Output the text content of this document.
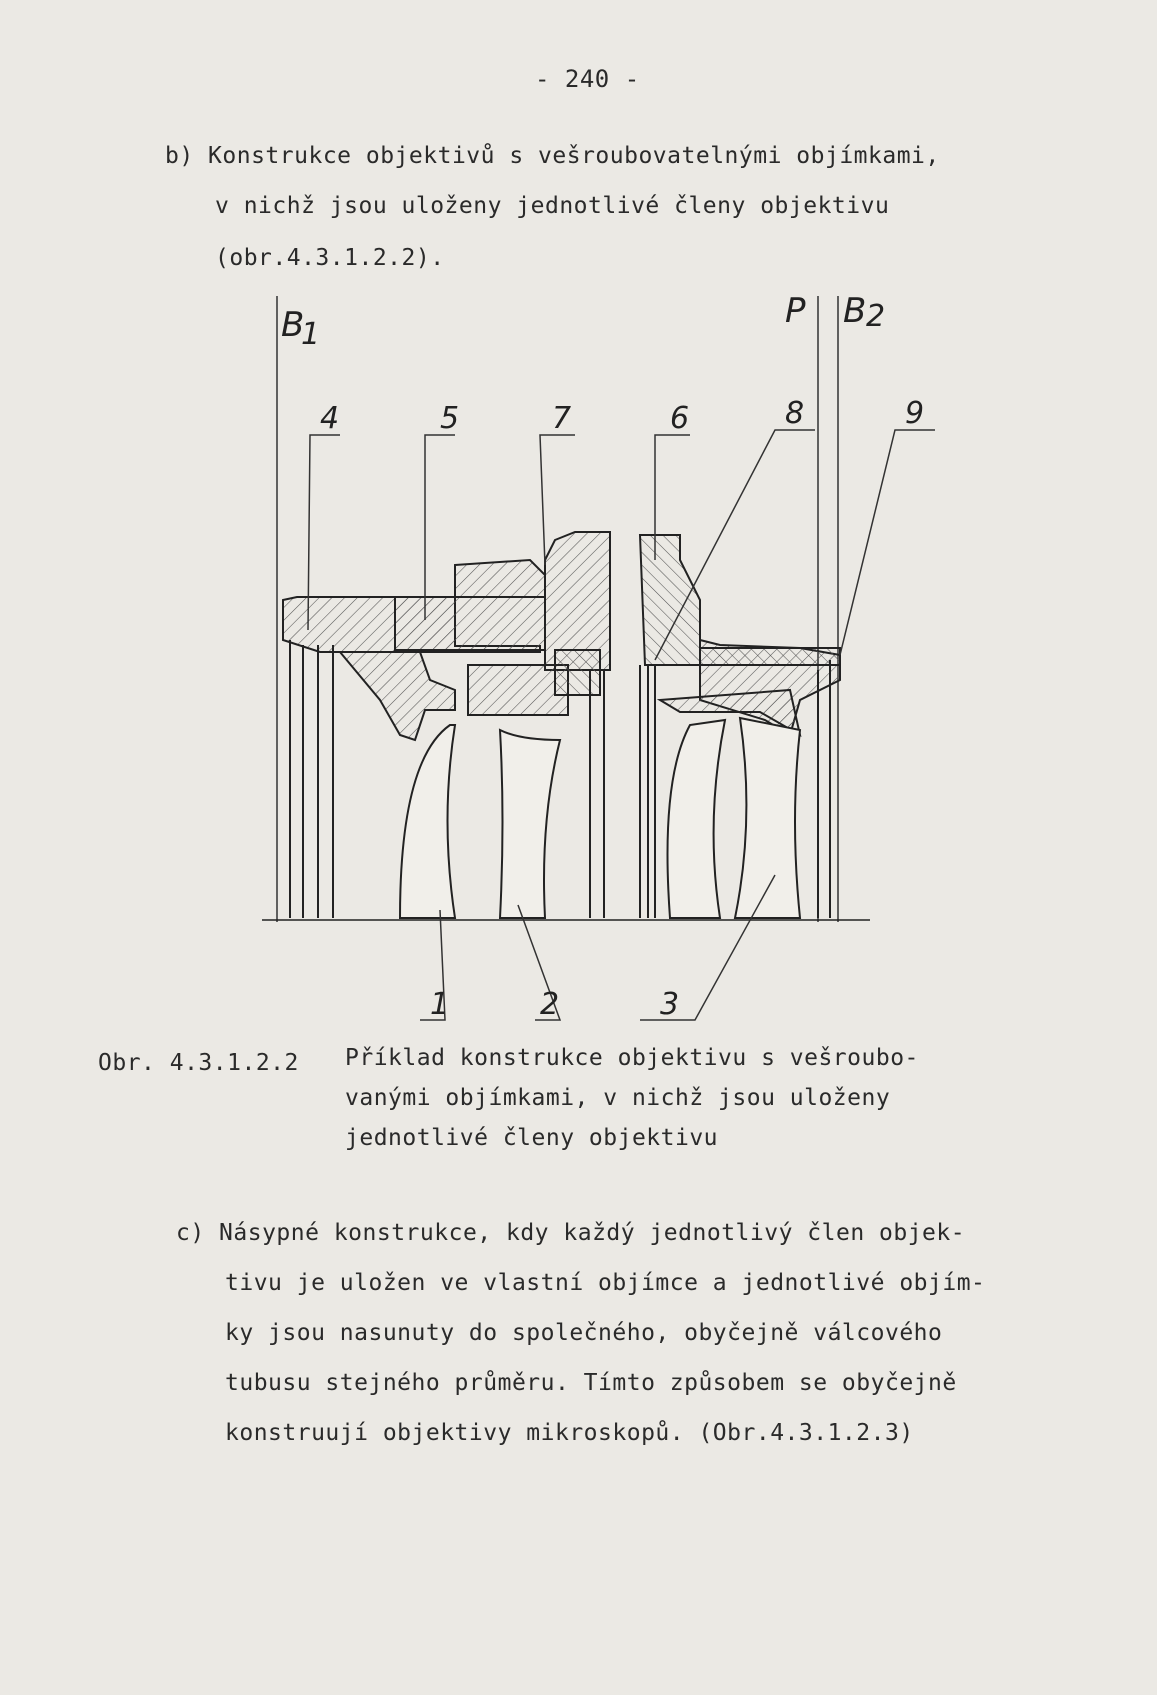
- 240 -
b) Konstrukce objektivů s vešroubovatelnými objímkami,
v nichž jsou uloženy jednotlivé členy objektivu
(obr.4.3.1.2.2).
B
1
P B 2
4	5	7	6	8	9
1	2	3
Obr. 4.3.1.2.2 Příklad konstrukce objektivu s vešroubo-
vanými objímkami, v nichž jsou uloženy
jednotlivé členy objektivu
c) Násypné konstrukce, kdy každý jednotlivý člen objek-
tivu je uložen ve vlastní objímce a jednotlivé objím-
ky jsou nasunuty do společného, obyčejně válcového
tubusu stejného průměru. Tímto způsobem se obyčejně
konstruují objektivy mikroskopů. (Obr.4.3.1.2.3)
